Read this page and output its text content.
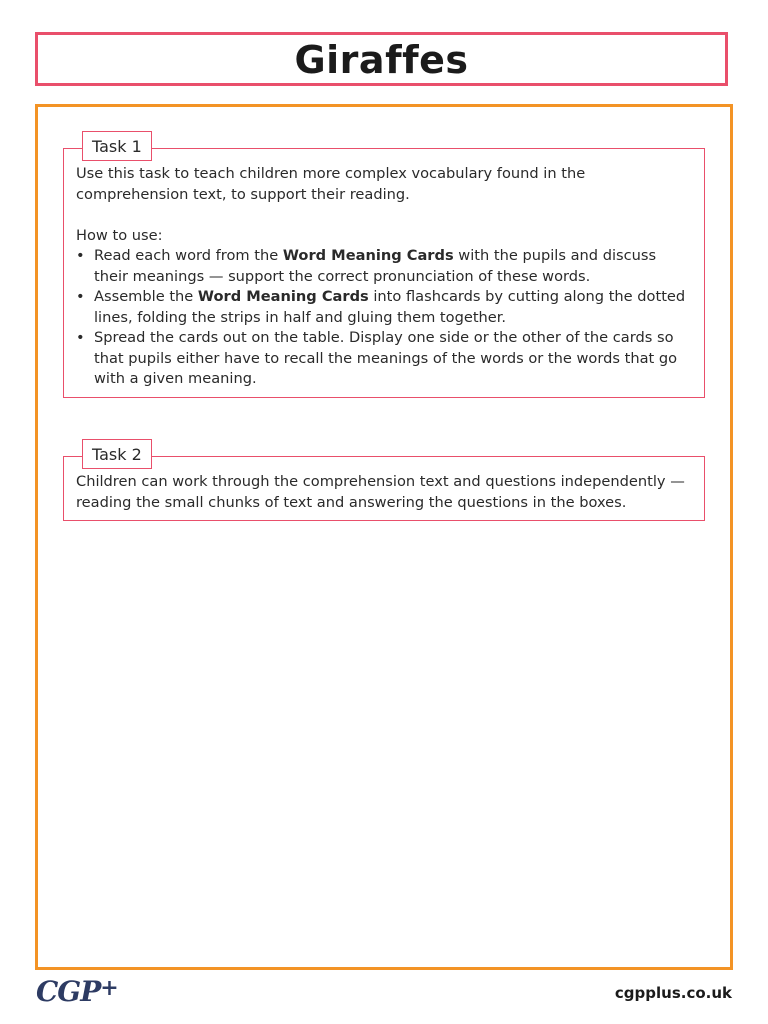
Giraffes

Use this task to teach children more complex vocabulary found in the comprehension text, to support their reading.

How to use:

• Read each word from the Word Meaning Cards with the pupils and discuss their meanings — support the correct pronunciation of these words.
• Assemble the Word Meaning Cards into flashcards by cutting along the dotted lines, folding the strips in half and gluing them together.
• Spread the cards out on the table. Display one side or the other of the cards so that pupils either have to recall the meanings of the words or the words that go with a given meaning.
Task 1

Children can work through the comprehension text and questions independently — reading the small chunks of text and answering the questions in the boxes.

Task 2
CGP+	cgpplus.co.uk
